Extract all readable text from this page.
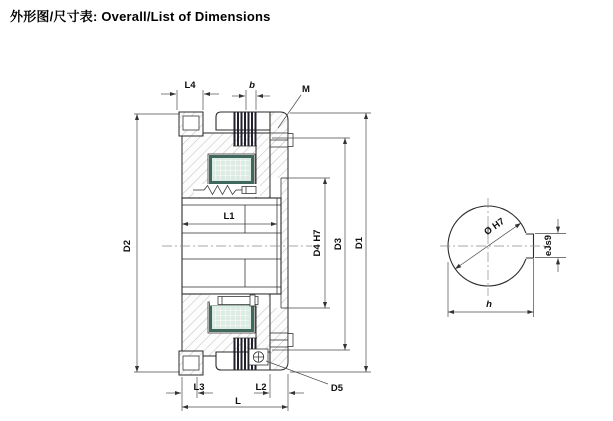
外形图/尺寸表: Overall/List of Dimensions
L4	b	M
D2
L1
D4 H7 D3 D1
L3	L2	D5
L
Ø H7
eJs9
h
